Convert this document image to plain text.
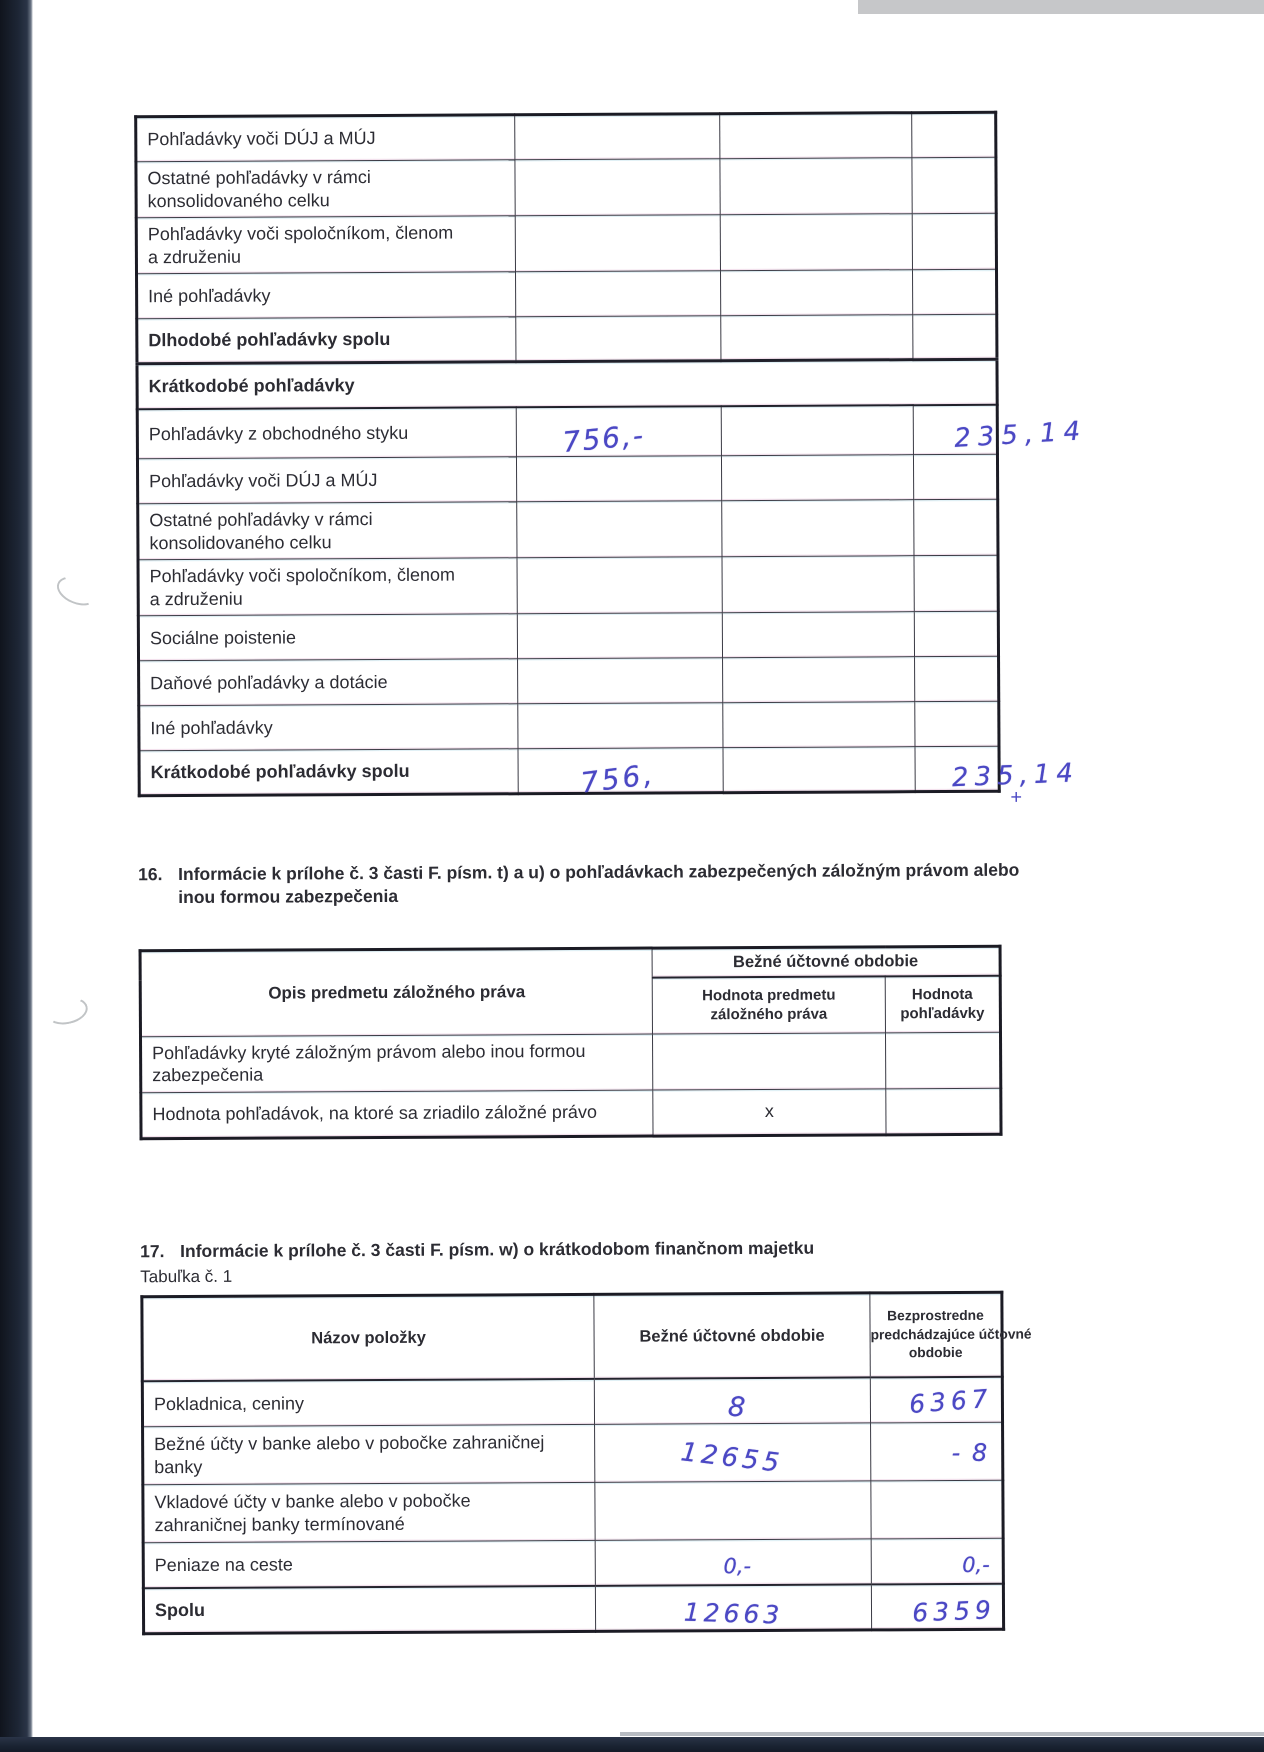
Pohľadávky voči DÚJ a MÚJ			
Ostatné pohľadávky v rámci
konsolidovaného celku			
Pohľadávky voči spoločníkom, členom
a združeniu			
Iné pohľadávky			
Dlhodobé pohľadávky spolu			
Krátkodobé pohľadávky			
Pohľadávky z obchodného styku	756,-		235,14
Pohľadávky voči DÚJ a MÚJ			
Ostatné pohľadávky v rámci
konsolidovaného celku			
Pohľadávky voči spoločníkom, členom
a združeniu			
Sociálne poistenie			
Daňové pohľadávky a dotácie			
Iné pohľadávky			
Krátkodobé pohľadávky spolu	756,		235,14
+
16. Informácie k prílohe č. 3 časti F. písm. t) a u) o pohľadávkach zabezpečených záložným právom alebo
inou formou zabezpečenia
Opis predmetu záložného práva	Bežné účtovné obdobie	
	Hodnota predmetu
záložného práva	Hodnota
pohľadávky
Pohľadávky kryté záložným právom alebo inou formou
zabezpečenia		
Hodnota pohľadávok, na ktoré sa zriadilo záložné právo	x	
17. Informácie k prílohe č. 3 časti F. písm. w) o krátkodobom finančnom majetku
Tabuľka č. 1
Názov položky	Bežné účtovné obdobie	Bezprostredne
predchádzajúce účtovné
obdobie
Pokladnica, ceniny	8	6367
Bežné účty v banke alebo v pobočke zahraničnej
banky	12655	- 8
Vkladové účty v banke alebo v pobočke
zahraničnej banky termínované		
Peniaze na ceste	0,-	0,-
Spolu	12663	6359
